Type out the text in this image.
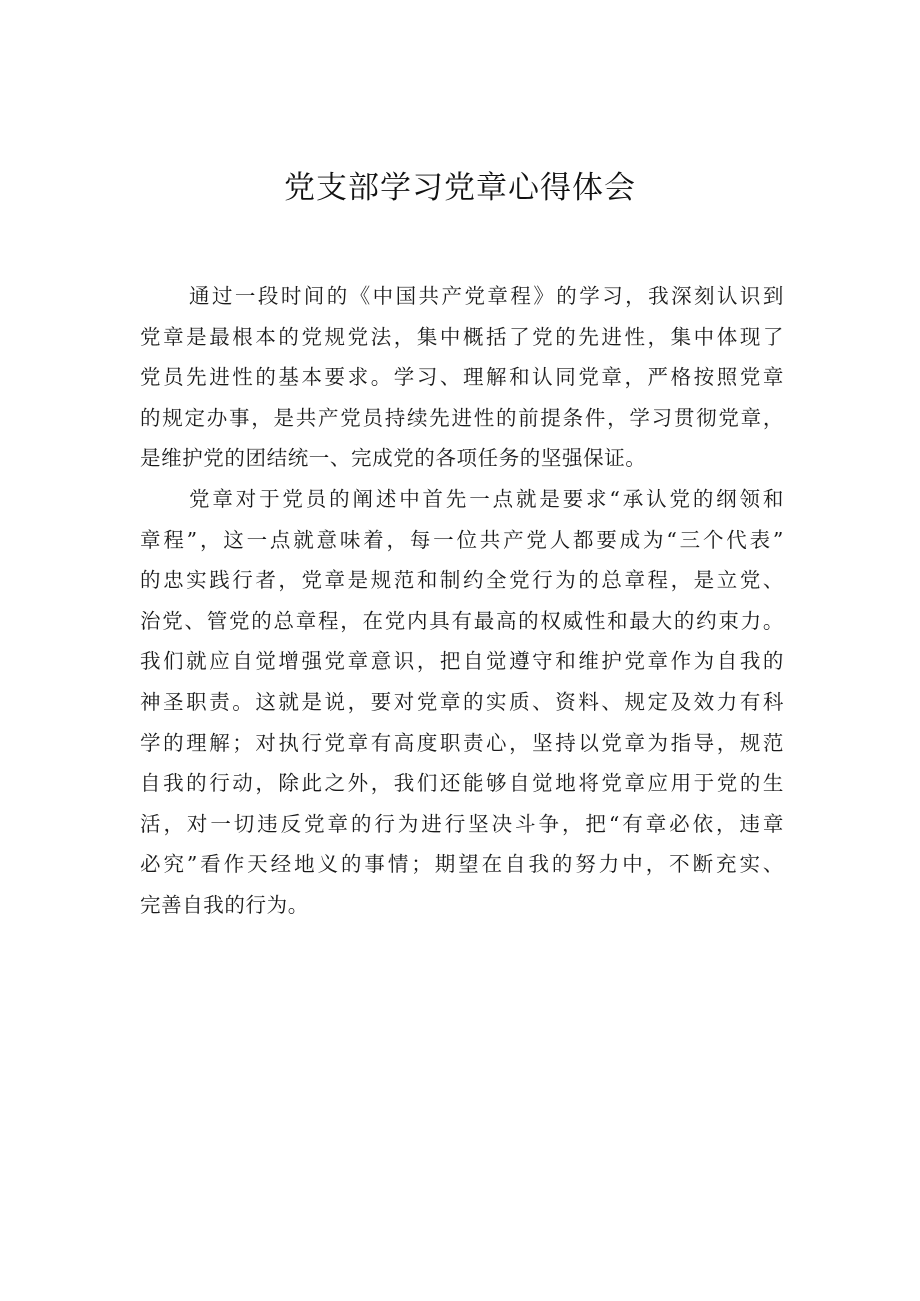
党支部学习党章心得体会
通过一段时间的《中国共产党章程》的学习，我深刻认识到
党章是最根本的党规党法，集中概括了党的先进性，集中体现了
党员先进性的基本要求。学习、理解和认同党章，严格按照党章
的规定办事，是共产党员持续先进性的前提条件，学习贯彻党章，
是维护党的团结统一、完成党的各项任务的坚强保证。
党章对于党员的阐述中首先一点就是要求“承认党的纲领和
章程”，这一点就意味着，每一位共产党人都要成为“三个代表”
的忠实践行者，党章是规范和制约全党行为的总章程，是立党、
治党、管党的总章程，在党内具有最高的权威性和最大的约束力。
我们就应自觉增强党章意识，把自觉遵守和维护党章作为自我的
神圣职责。这就是说，要对党章的实质、资料、规定及效力有科
学的理解；对执行党章有高度职责心，坚持以党章为指导，规范
自我的行动，除此之外，我们还能够自觉地将党章应用于党的生
活，对一切违反党章的行为进行坚决斗争，把“有章必依，违章
必究”看作天经地义的事情；期望在自我的努力中，不断充实、
完善自我的行为。
